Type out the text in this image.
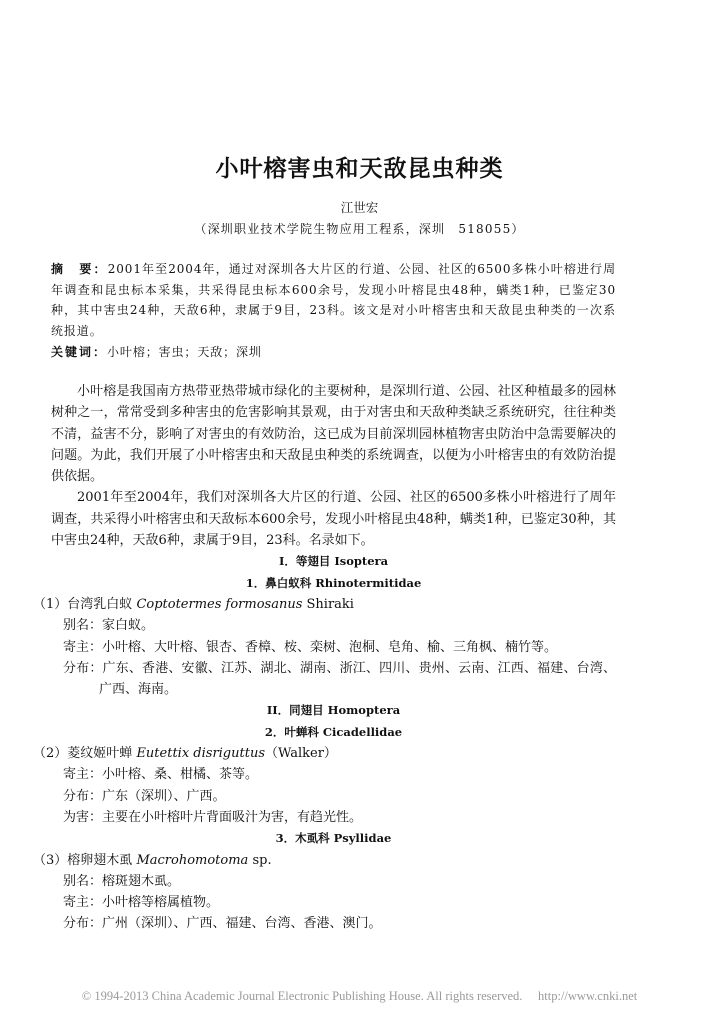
小叶榕害虫和天敌昆虫种类
江世宏
（深圳职业技术学院生物应用工程系，深圳　518055）
摘　要：2001年至2004年，通过对深圳各大片区的行道、公园、社区的6500多株小叶榕进行周年调查和昆虫标本采集，共采得昆虫标本600余号，发现小叶榕昆虫48种，螨类1种，已鉴定30种，其中害虫24种，天敌6种，隶属于9目，23科。该文是对小叶榕害虫和天敌昆虫种类的一次系统报道。
关键词：小叶榕；害虫；天敌；深圳

小叶榕是我国南方热带亚热带城市绿化的主要树种，是深圳行道、公园、社区种植最多的园林树种之一，常常受到多种害虫的危害影响其景观，由于对害虫和天敌种类缺乏系统研究，往往种类不清，益害不分，影响了对害虫的有效防治，这已成为目前深圳园林植物害虫防治中急需要解决的问题。为此，我们开展了小叶榕害虫和天敌昆虫种类的系统调查，以便为小叶榕害虫的有效防治提供依据。

2001年至2004年，我们对深圳各大片区的行道、公园、社区的6500多株小叶榕进行了周年调查，共采得小叶榕害虫和天敌标本600余号，发现小叶榕昆虫48种，螨类1种，已鉴定30种，其中害虫24种，天敌6种，隶属于9目，23科。名录如下。

I．等翅目 Isoptera
1．鼻白蚁科 Rhinotermitidae
（1）台湾乳白蚁 Coptotermes formosanus Shiraki
别名：家白蚁。
寄主：小叶榕、大叶榕、银杏、香樟、桉、栾树、泡桐、皂角、榆、三角枫、楠竹等。
分布：广东、香港、安徽、江苏、湖北、湖南、浙江、四川、贵州、云南、江西、福建、台湾、广西、海南。
II．同翅目 Homoptera
2．叶蝉科 Cicadellidae
（2）菱纹姬叶蝉 Eutettix disriguttus（Walker）
寄主：小叶榕、桑、柑橘、茶等。
分布：广东（深圳）、广西。
为害：主要在小叶榕叶片背面吸汁为害，有趋光性。
3．木虱科 Psyllidae
（3）榕卵翅木虱 Macrohomotoma sp.
别名：榕斑翅木虱。
寄主：小叶榕等榕属植物。
分布：广州（深圳）、广西、福建、台湾、香港、澳门。
© 1994-2013 China Academic Journal Electronic Publishing House. All rights reserved.　 http://www.cnki.net
